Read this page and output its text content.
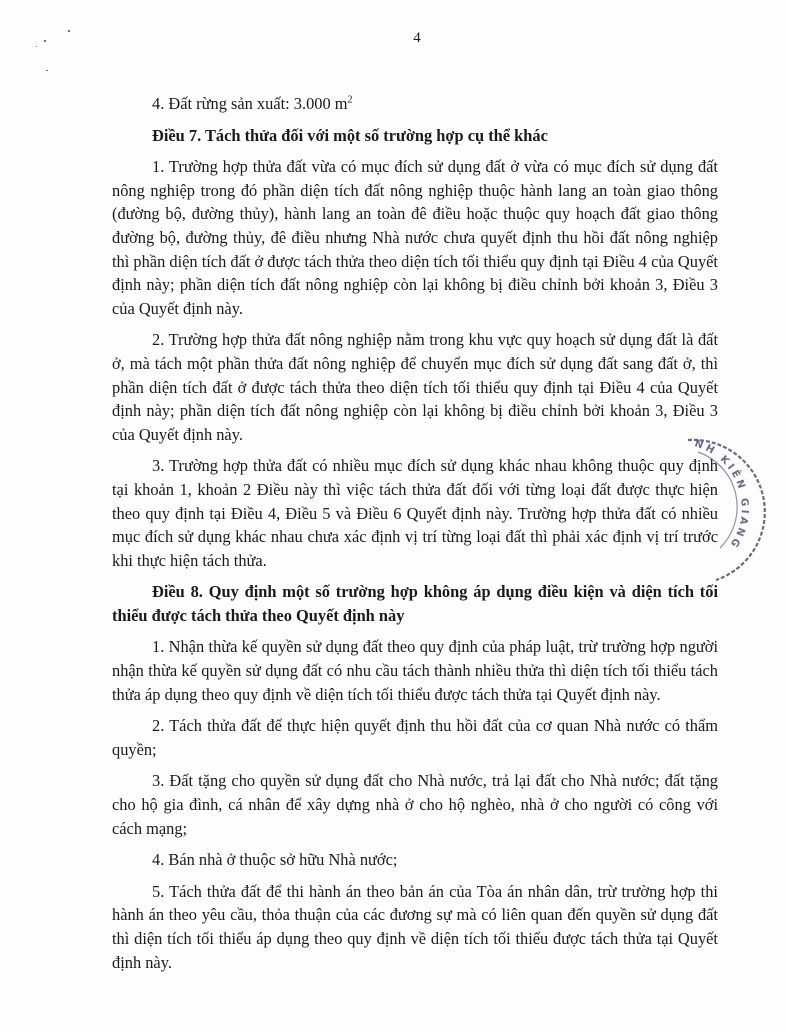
4

4. Đất rừng sản xuất: 3.000 $m^2$

Điều 7. Tách thửa đối với một số trường hợp cụ thể khác

1. Trường hợp thửa đất vừa có mục đích sử dụng đất ở vừa có mục đích sử dụng đất nông nghiệp trong đó phần diện tích đất nông nghiệp thuộc hành lang an toàn giao thông (đường bộ, đường thủy), hành lang an toàn đê điều hoặc thuộc quy hoạch đất giao thông đường bộ, đường thủy, đê điều nhưng Nhà nước chưa quyết định thu hồi đất nông nghiệp thì phần diện tích đất ở được tách thửa theo diện tích tối thiểu quy định tại Điều 4 của Quyết định này; phần diện tích đất nông nghiệp còn lại không bị điều chỉnh bởi khoản 3, Điều 3 của Quyết định này.

2. Trường hợp thửa đất nông nghiệp nằm trong khu vực quy hoạch sử dụng đất là đất ở, mà tách một phần thửa đất nông nghiệp để chuyển mục đích sử dụng đất sang đất ở, thì phần diện tích đất ở được tách thửa theo diện tích tối thiểu quy định tại Điều 4 của Quyết định này; phần diện tích đất nông nghiệp còn lại không bị điều chỉnh bởi khoản 3, Điều 3 của Quyết định này.

3. Trường hợp thửa đất có nhiều mục đích sử dụng khác nhau không thuộc quy định tại khoản 1, khoản 2 Điều này thì việc tách thửa đất đối với từng loại đất được thực hiện theo quy định tại Điều 4, Điều 5 và Điều 6 Quyết định này. Trường hợp thửa đất có nhiều mục đích sử dụng khác nhau chưa xác định vị trí từng loại đất thì phải xác định vị trí trước khi thực hiện tách thửa.

Điều 8. Quy định một số trường hợp không áp dụng điều kiện và diện tích tối thiểu được tách thửa theo Quyết định này

1. Nhận thừa kế quyền sử dụng đất theo quy định của pháp luật, trừ trường hợp người nhận thừa kế quyền sử dụng đất có nhu cầu tách thành nhiều thửa thì diện tích tối thiểu tách thửa áp dụng theo quy định về diện tích tối thiểu được tách thửa tại Quyết định này.

2. Tách thửa đất để thực hiện quyết định thu hồi đất của cơ quan Nhà nước có thẩm quyền;

3. Đất tặng cho quyền sử dụng đất cho Nhà nước, trả lại đất cho Nhà nước; đất tặng cho hộ gia đình, cá nhân để xây dựng nhà ở cho hộ nghèo, nhà ở cho người có công với cách mạng;

4. Bán nhà ở thuộc sở hữu Nhà nước;

5. Tách thửa đất để thi hành án theo bản án của Tòa án nhân dân, trừ trường hợp thi hành án theo yêu cầu, thỏa thuận của các đương sự mà có liên quan đến quyền sử dụng đất thì diện tích tối thiểu áp dụng theo quy định về diện tích tối thiểu được tách thửa tại Quyết định này.

NH KIÊN GIANG
